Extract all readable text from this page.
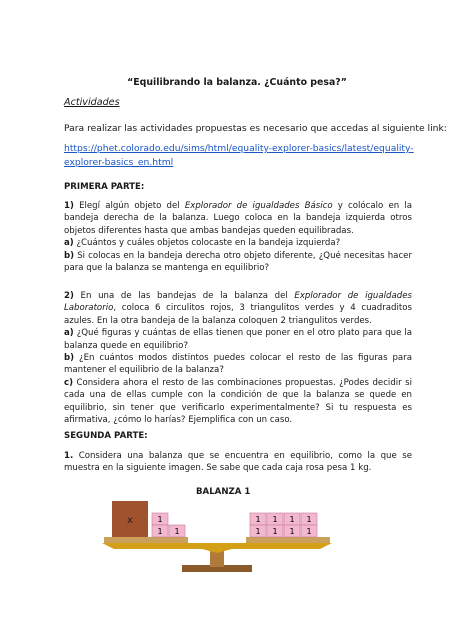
“Equilibrando la balanza. ¿Cuánto pesa?”
Actividades
Para realizar las actividades propuestas es necesario que accedas al siguiente link:
https://phet.colorado.edu/sims/html/equality-explorer-basics/latest/equality-explorer-basics_en.html
PRIMERA PARTE:
1) Elegí algún objeto del Explorador de igualdades Básico y colócalo en la bandeja derecha de la balanza. Luego coloca en la bandeja izquierda otros objetos diferentes hasta que ambas bandejas queden equilibradas.
a) ¿Cuántos y cuáles objetos colocaste en la bandeja izquierda?
b) Si colocas en la bandeja derecha otro objeto diferente, ¿Qué necesitas hacer para que la balanza se mantenga en equilibrio?
2) En una de las bandejas de la balanza del Explorador de igualdades Laboratorio, coloca 6 circulitos rojos, 3 triangulitos verdes y 4 cuadraditos azules. En la otra bandeja de la balanza coloquen 2 triangulitos verdes.
a) ¿Qué figuras y cuántas de ellas tienen que poner en el otro plato para que la balanza quede en equilibrio?
b) ¿En cuántos modos distintos puedes colocar el resto de las figuras para mantener el equilibrio de la balanza?
c) Considera ahora el resto de las combinaciones propuestas. ¿Podes decidir si cada una de ellas cumple con la condición de que la balanza se quede en equilibrio, sin tener que verificarlo experimentalmente? Si tu respuesta es afirmativa, ¿cómo lo harías? Ejemplifica con un caso.
SEGUNDA PARTE:
1. Considera una balanza que se encuentra en equilibrio, como la que se muestra en la siguiente imagen. Se sabe que cada caja rosa pesa 1 kg.
BALANZA 1
x	1
1 1
1 1 1 1
1 1 1 1
